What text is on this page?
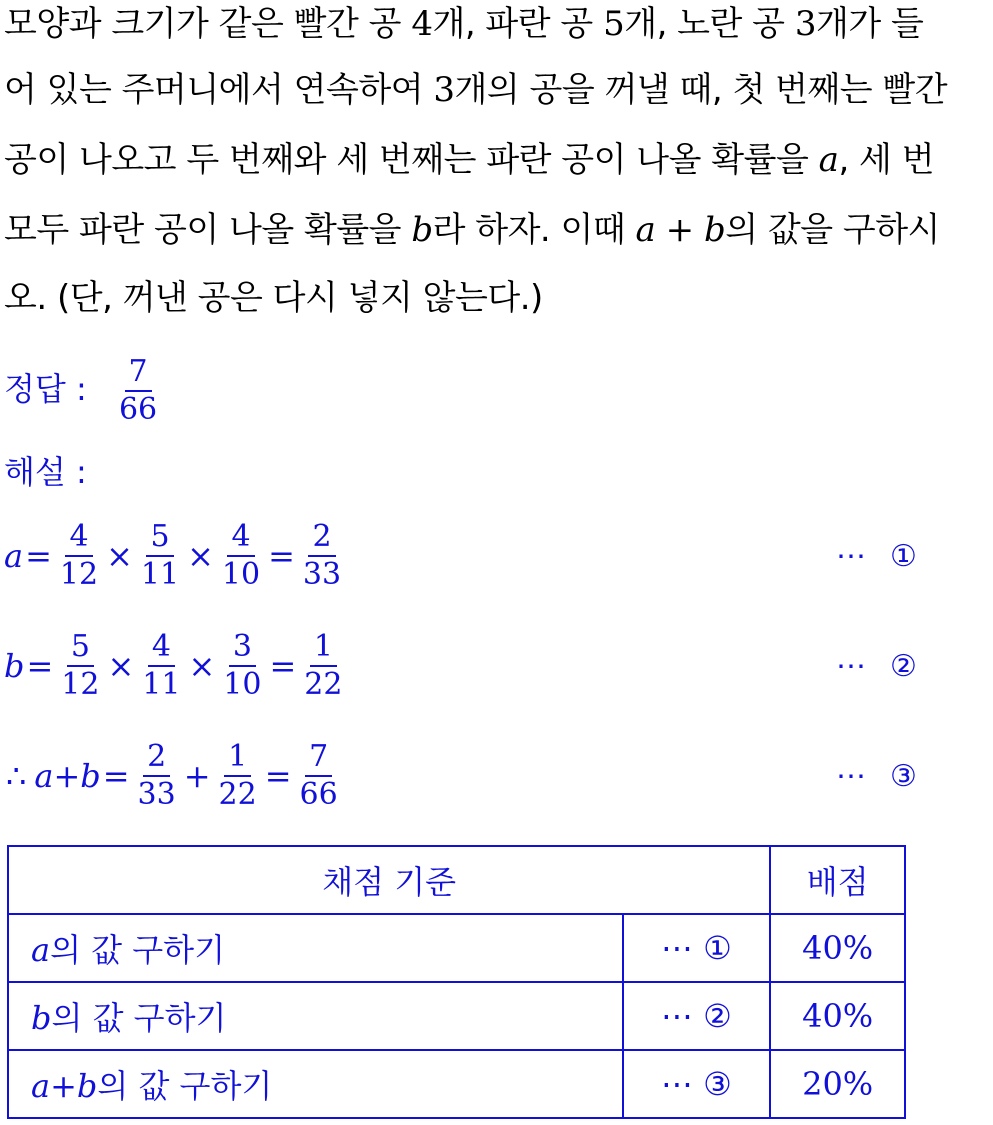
모양과 크기가 같은 빨간 공 4개, 파란 공 5개, 노란 공 3개가 들
어 있는 주머니에서 연속하여 3개의 공을 꺼낼 때, 첫 번째는 빨간
공이 나오고 두 번째와 세 번째는 파란 공이 나올 확률을 a, 세 번
모두 파란 공이 나올 확률을 b라 하자. 이때 a + b의 값을 구하시
오. (단, 꺼낸 공은 다시 넣지 않는다.)
정답 : $\frac{7}{66}$
해설 :
$a = \frac{4}{12} \times \frac{5}{11} \times \frac{4}{10} = \frac{2}{33}$	⋯ ①
$b = \frac{5}{12} \times \frac{4}{11} \times \frac{3}{10} = \frac{1}{22}$	⋯ ②
∴ $a+b = \frac{2}{33} + \frac{1}{22} = \frac{7}{66}$	⋯ ③
채점 기준		배점
a의 값 구하기	⋯ ①	40%
b의 값 구하기	⋯ ②	40%
a+b의 값 구하기	⋯ ③	20%
